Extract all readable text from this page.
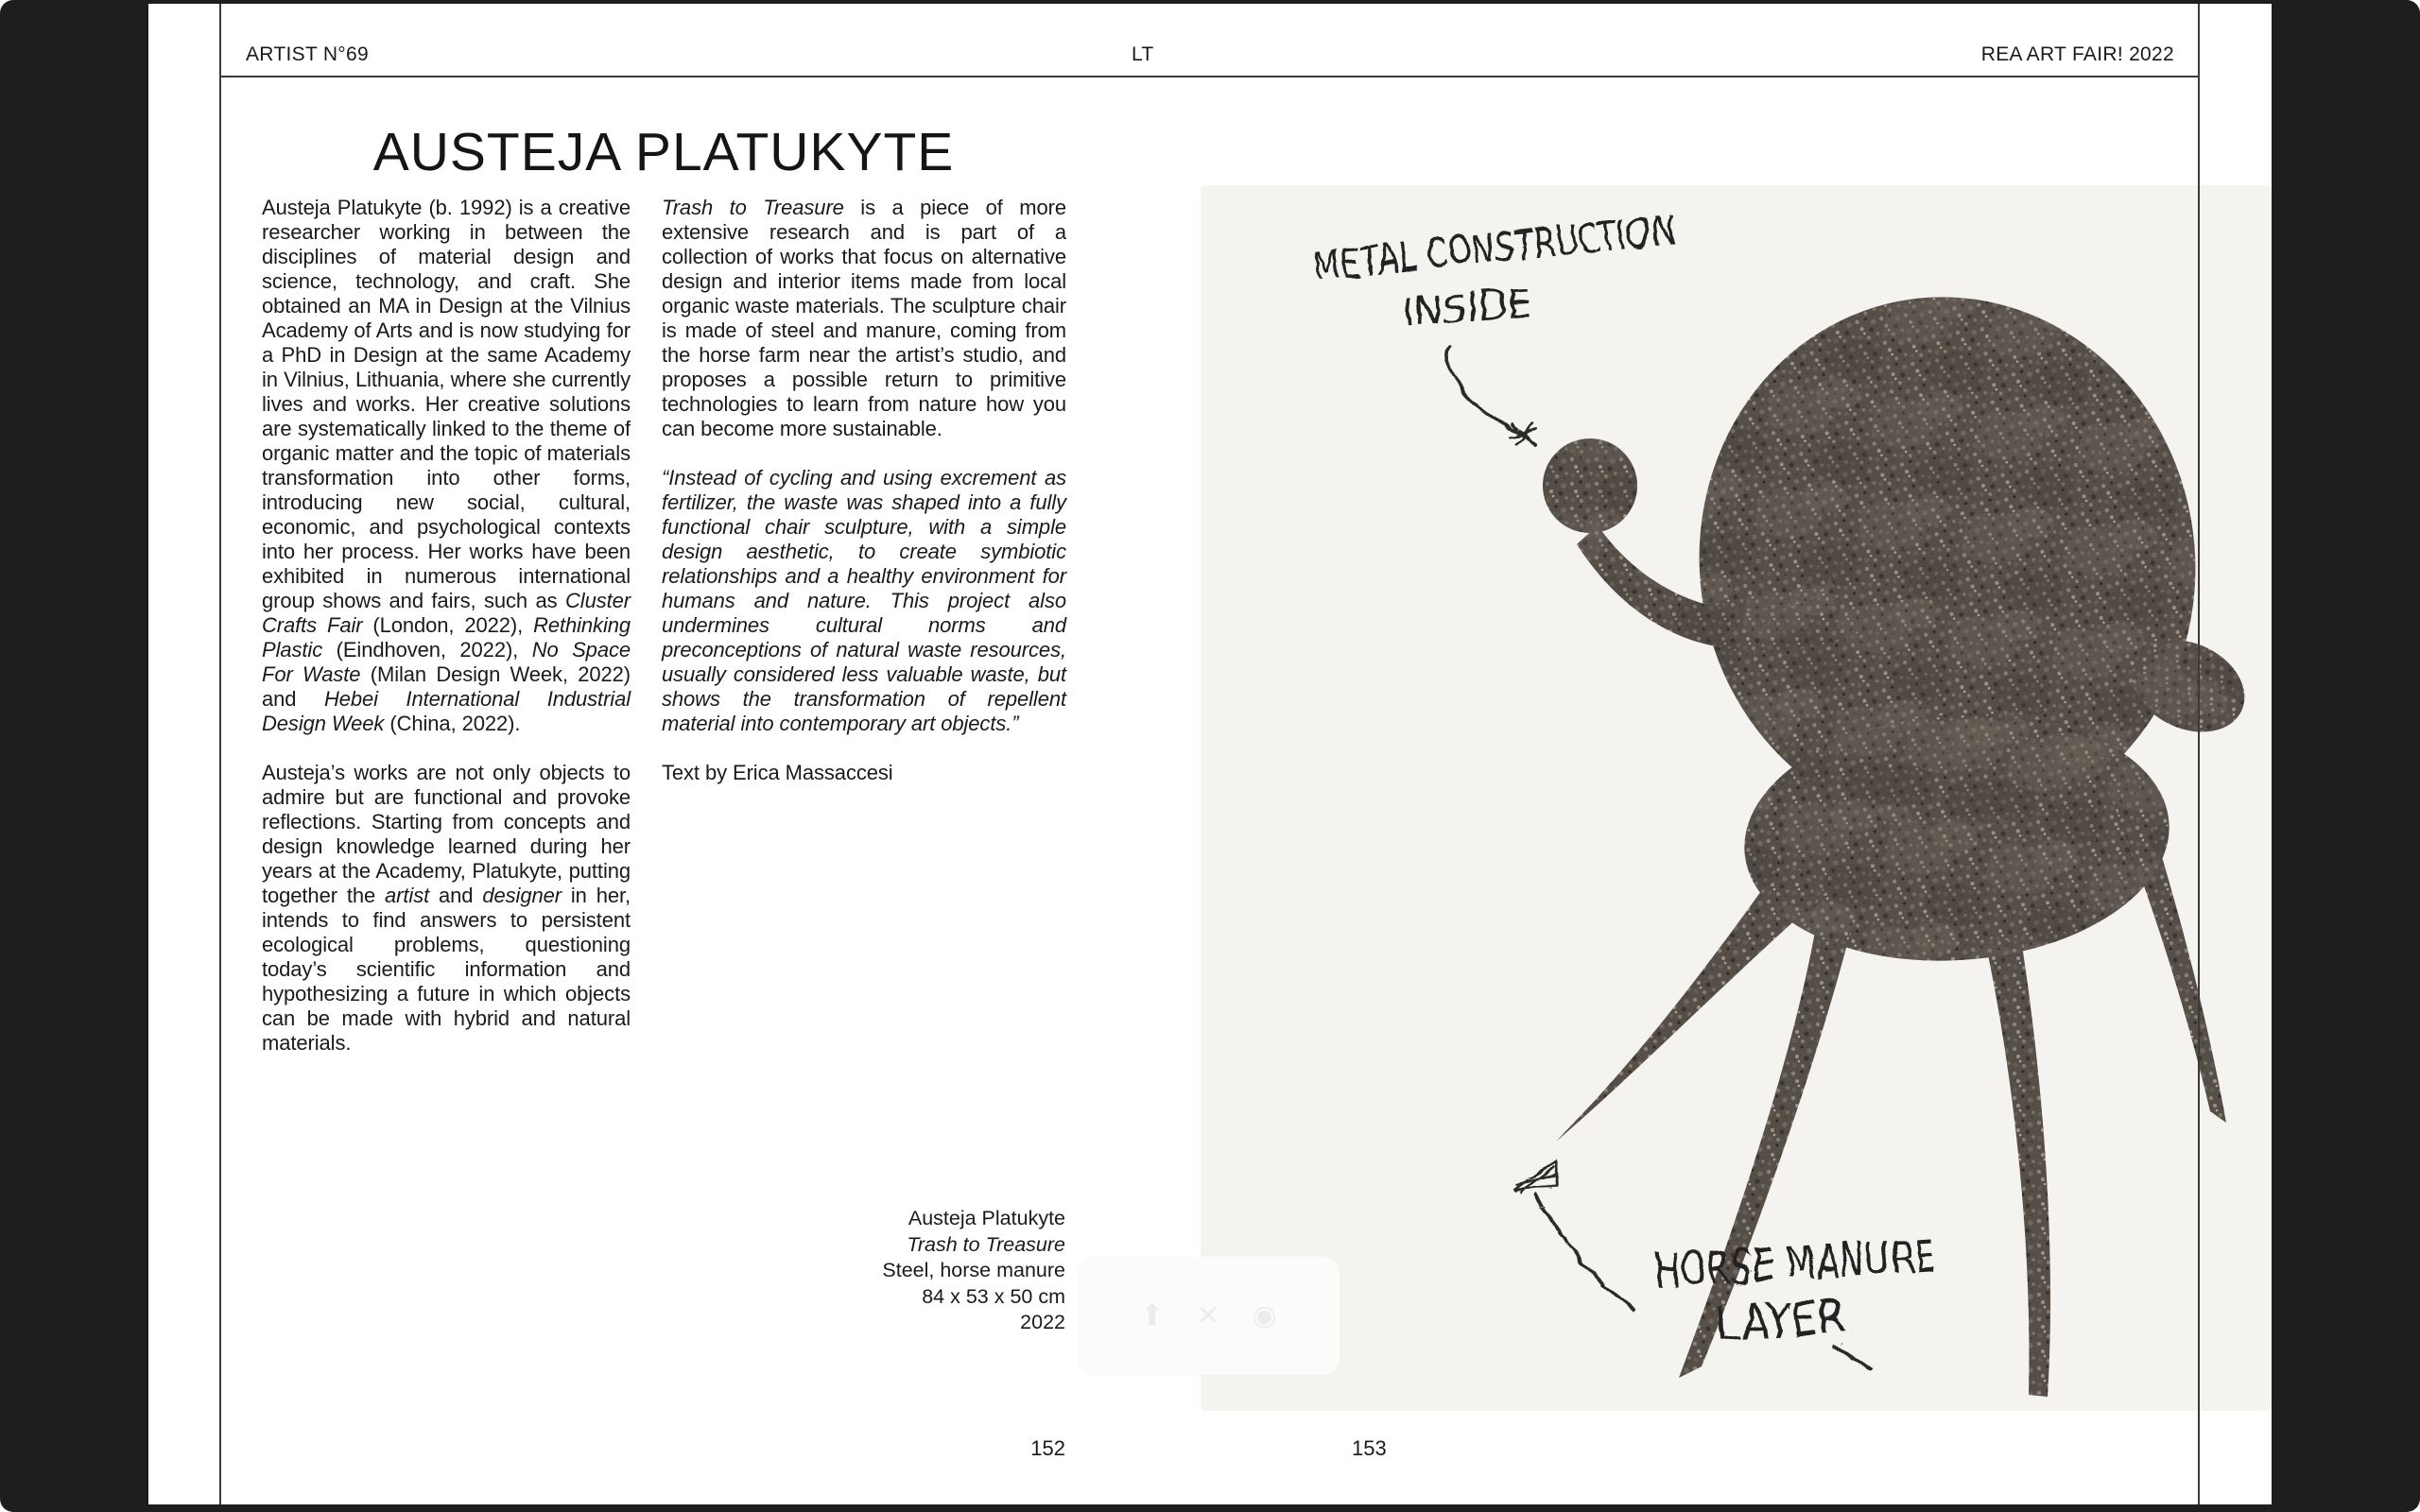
ARTIST N°69	LT	REA ART FAIR! 2022
METAL CONSTRUCTION
INSIDE
HORSE MANURE
LAYER
⬆ ✕ ◉
AUSTEJA PLATUKYTE

Austeja Platukyte (b. 1992) is a creative researcher working in between the disciplines of material design and science, technology, and craft. She obtained an MA in Design at the Vilnius Academy of Arts and is now studying for a PhD in Design at the same Academy in Vilnius, Lithuania, where she currently lives and works. Her creative solutions are systematically linked to the theme of organic matter and the topic of materials transformation into other forms, introducing new social, cultural, economic, and psychological contexts into her process. Her works have been exhibited in numerous international group shows and fairs, such as Cluster Crafts Fair (London, 2022), Rethinking Plastic (Eindhoven, 2022), No Space For Waste (Milan Design Week, 2022) and Hebei International Industrial Design Week (China, 2022).

Austeja’s works are not only objects to admire but are functional and provoke reflections. Starting from concepts and design knowledge learned during her years at the Academy, Platukyte, putting together the artist and designer in her, intends to find answers to persistent ecological problems, questioning today’s scientific information and hypothesizing a future in which objects can be made with hybrid and natural materials.

Trash to Treasure is a piece of more extensive research and is part of a collection of works that focus on alternative design and interior items made from local organic waste materials. The sculpture chair is made of steel and manure, coming from the horse farm near the artist’s studio, and proposes a possible return to primitive technologies to learn from nature how you can become more sustainable.

“Instead of cycling and using excrement as fertilizer, the waste was shaped into a fully functional chair sculpture, with a simple design aesthetic, to create symbiotic relationships and a healthy environment for humans and nature. This project also undermines cultural norms and preconceptions of natural waste resources, usually considered less valuable waste, but shows the transformation of repellent material into contemporary art objects.”

Text by Erica Massaccesi

Austeja Platukyte
Trash to Treasure
Steel, horse manure
84 x 53 x 50 cm
2022
152	153
